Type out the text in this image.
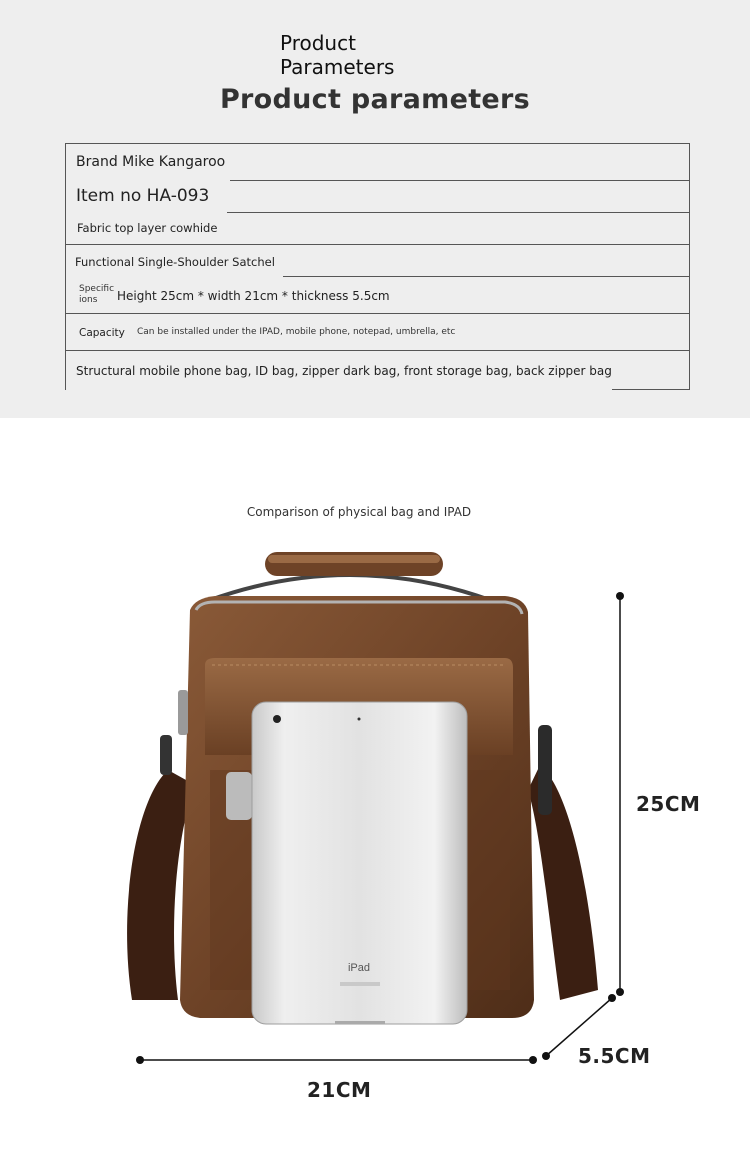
Product
Parameters
Product parameters
Brand Mike Kangaroo
Item no HA-093
Fabric top layer cowhide
Functional Single-Shoulder Satchel
Specific ions	Height 25cm * width 21cm * thickness 5.5cm
Capacity	Can be installed under the IPAD, mobile phone, notepad, umbrella, etc
Structural mobile phone bag, ID bag, zipper dark bag, front storage bag, back zipper bag
Comparison of physical bag and IPAD
iPad
25CM
5.5CM
21CM
